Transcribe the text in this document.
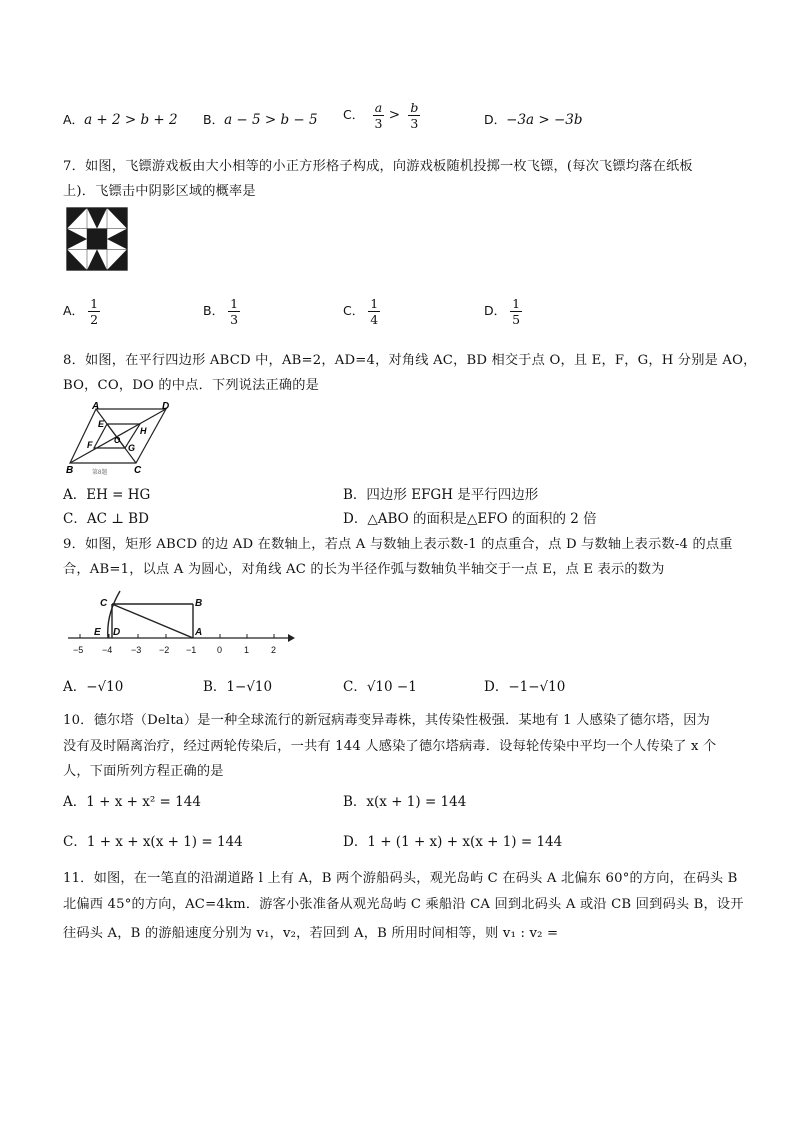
A．a + 2 > b + 2 B．a − 5 > b − 5 C． $\frac{a}{3} > \frac{b}{3}$	D．−3a > −3b
7．如图，飞镖游戏板由大小相等的小正方形格子构成，向游戏板随机投掷一枚飞镖，(每次飞镖均落在纸板
上)．飞镖击中阴影区域的概率是
A． $\frac{1}{2}$	B． $\frac{1}{3}$	C． $\frac{1}{4}$	D． $\frac{1}{5}$
8．如图，在平行四边形 ABCD 中，AB=2，AD=4，对角线 AC，BD 相交于点 O，且 E，F，G，H 分别是 AO，
BO，CO，DO 的中点．下列说法正确的是
A	D
E
H
F	O
G
B	C
第8题
A．EH = HG	B．四边形 EFGH 是平行四边形
C．AC ⊥ BD	D．△ABO 的面积是△EFO 的面积的 2 倍
9．如图，矩形 ABCD 的边 AD 在数轴上，若点 A 与数轴上表示数-1 的点重合，点 D 与数轴上表示数-4 的点重
合，AB=1，以点 A 为圆心，对角线 AC 的长为半径作弧与数轴负半轴交于一点 E，点 E 表示的数为
C	B
E D	A
−5 −4 −3 −2 −1 0 1 2
A．−√10	B．1−√10	C．√10 −1	D．−1−√10
10．德尔塔（Delta）是一种全球流行的新冠病毒变异毒株，其传染性极强．某地有 1 人感染了德尔塔，因为
没有及时隔离治疗，经过两轮传染后，一共有 144 人感染了德尔塔病毒．设每轮传染中平均一个人传染了 x 个
人，下面所列方程正确的是
A．1 + x + x² = 144	B．x(x + 1) = 144
C．1 + x + x(x + 1) = 144	D．1 + (1 + x) + x(x + 1) = 144
11．如图，在一笔直的沿湖道路 l 上有 A，B 两个游船码头，观光岛屿 C 在码头 A 北偏东 60°的方向，在码头 B
北偏西 45°的方向，AC=4km．游客小张准备从观光岛屿 C 乘船沿 CA 回到北码头 A 或沿 CB 回到码头 B，设开
往码头 A，B 的游船速度分别为 v₁，v₂，若回到 A，B 所用时间相等，则 v₁ : v₂ =
